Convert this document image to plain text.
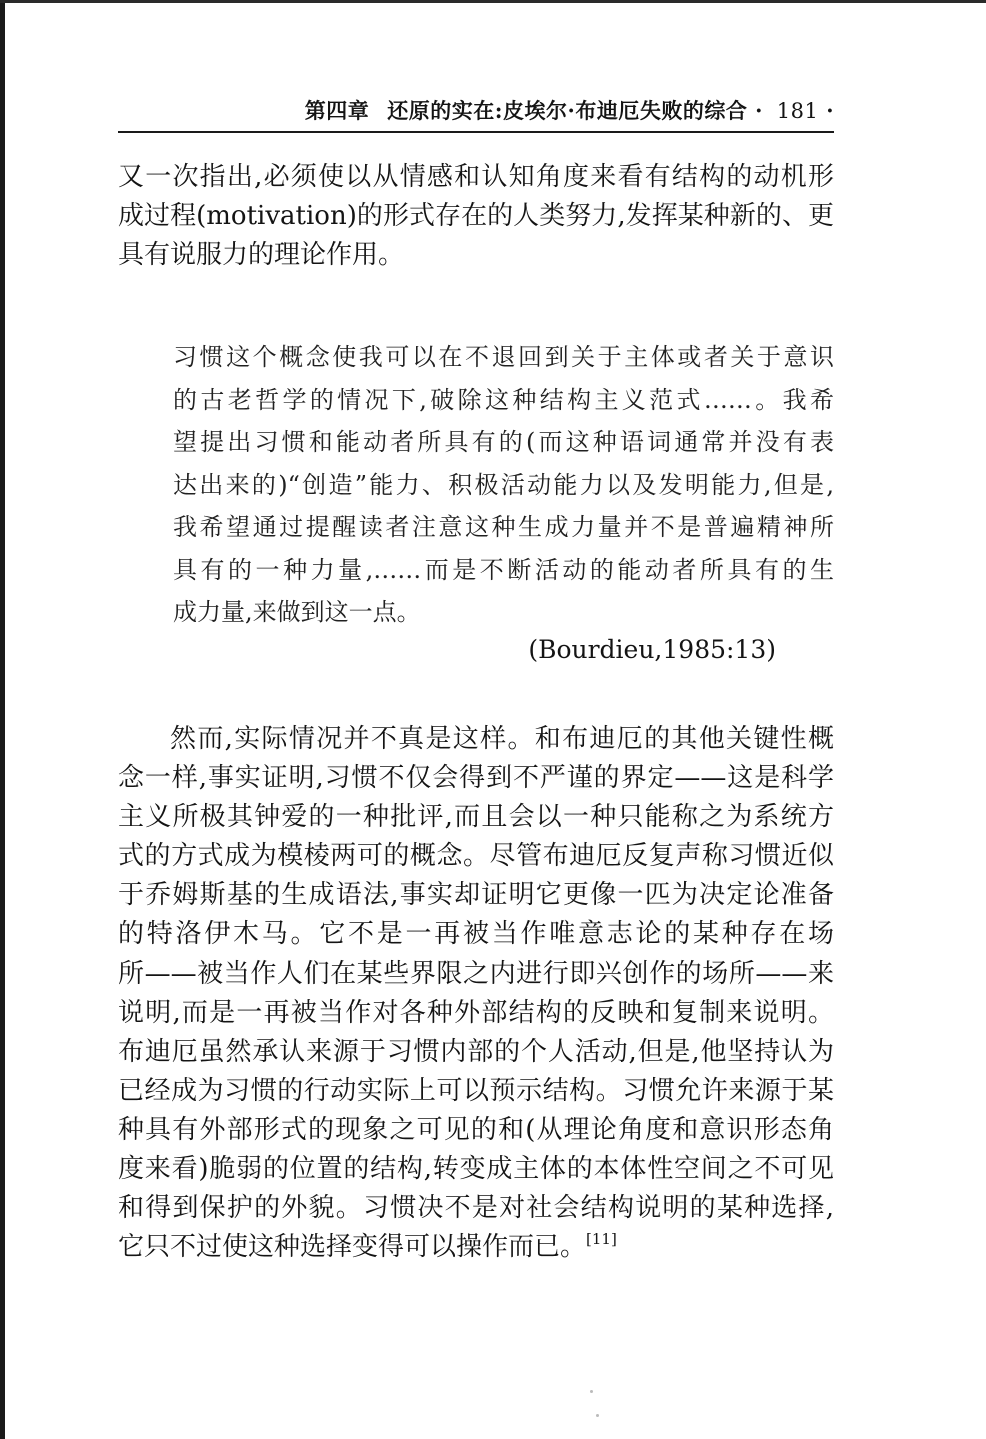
第四章 还原的实在:皮埃尔·布迪厄失败的综合 · 181 ·
又一次指出,必须使以从情感和认知角度来看有结构的动机形
成过程(motivation)的形式存在的人类努力,发挥某种新的、更
具有说服力的理论作用。
习惯这个概念使我可以在不退回到关于主体或者关于意识
的古老哲学的情况下,破除这种结构主义范式……。我希
望提出习惯和能动者所具有的(而这种语词通常并没有表
达出来的)“创造”能力、积极活动能力以及发明能力,但是,
我希望通过提醒读者注意这种生成力量并不是普遍精神所
具有的一种力量,……而是不断活动的能动者所具有的生
成力量,来做到这一点。
(Bourdieu,1985:13)
然而,实际情况并不真是这样。和布迪厄的其他关键性概
念一样,事实证明,习惯不仅会得到不严谨的界定——这是科学
主义所极其钟爱的一种批评,而且会以一种只能称之为系统方
式的方式成为模棱两可的概念。尽管布迪厄反复声称习惯近似
于乔姆斯基的生成语法,事实却证明它更像一匹为决定论准备
的特洛伊木马。它不是一再被当作唯意志论的某种存在场
所——被当作人们在某些界限之内进行即兴创作的场所——来
说明,而是一再被当作对各种外部结构的反映和复制来说明。
布迪厄虽然承认来源于习惯内部的个人活动,但是,他坚持认为
已经成为习惯的行动实际上可以预示结构。习惯允许来源于某
种具有外部形式的现象之可见的和(从理论角度和意识形态角
度来看)脆弱的位置的结构,转变成主体的本体性空间之不可见
和得到保护的外貌。习惯决不是对社会结构说明的某种选择,
它只不过使这种选择变得可以操作而已。[11]
